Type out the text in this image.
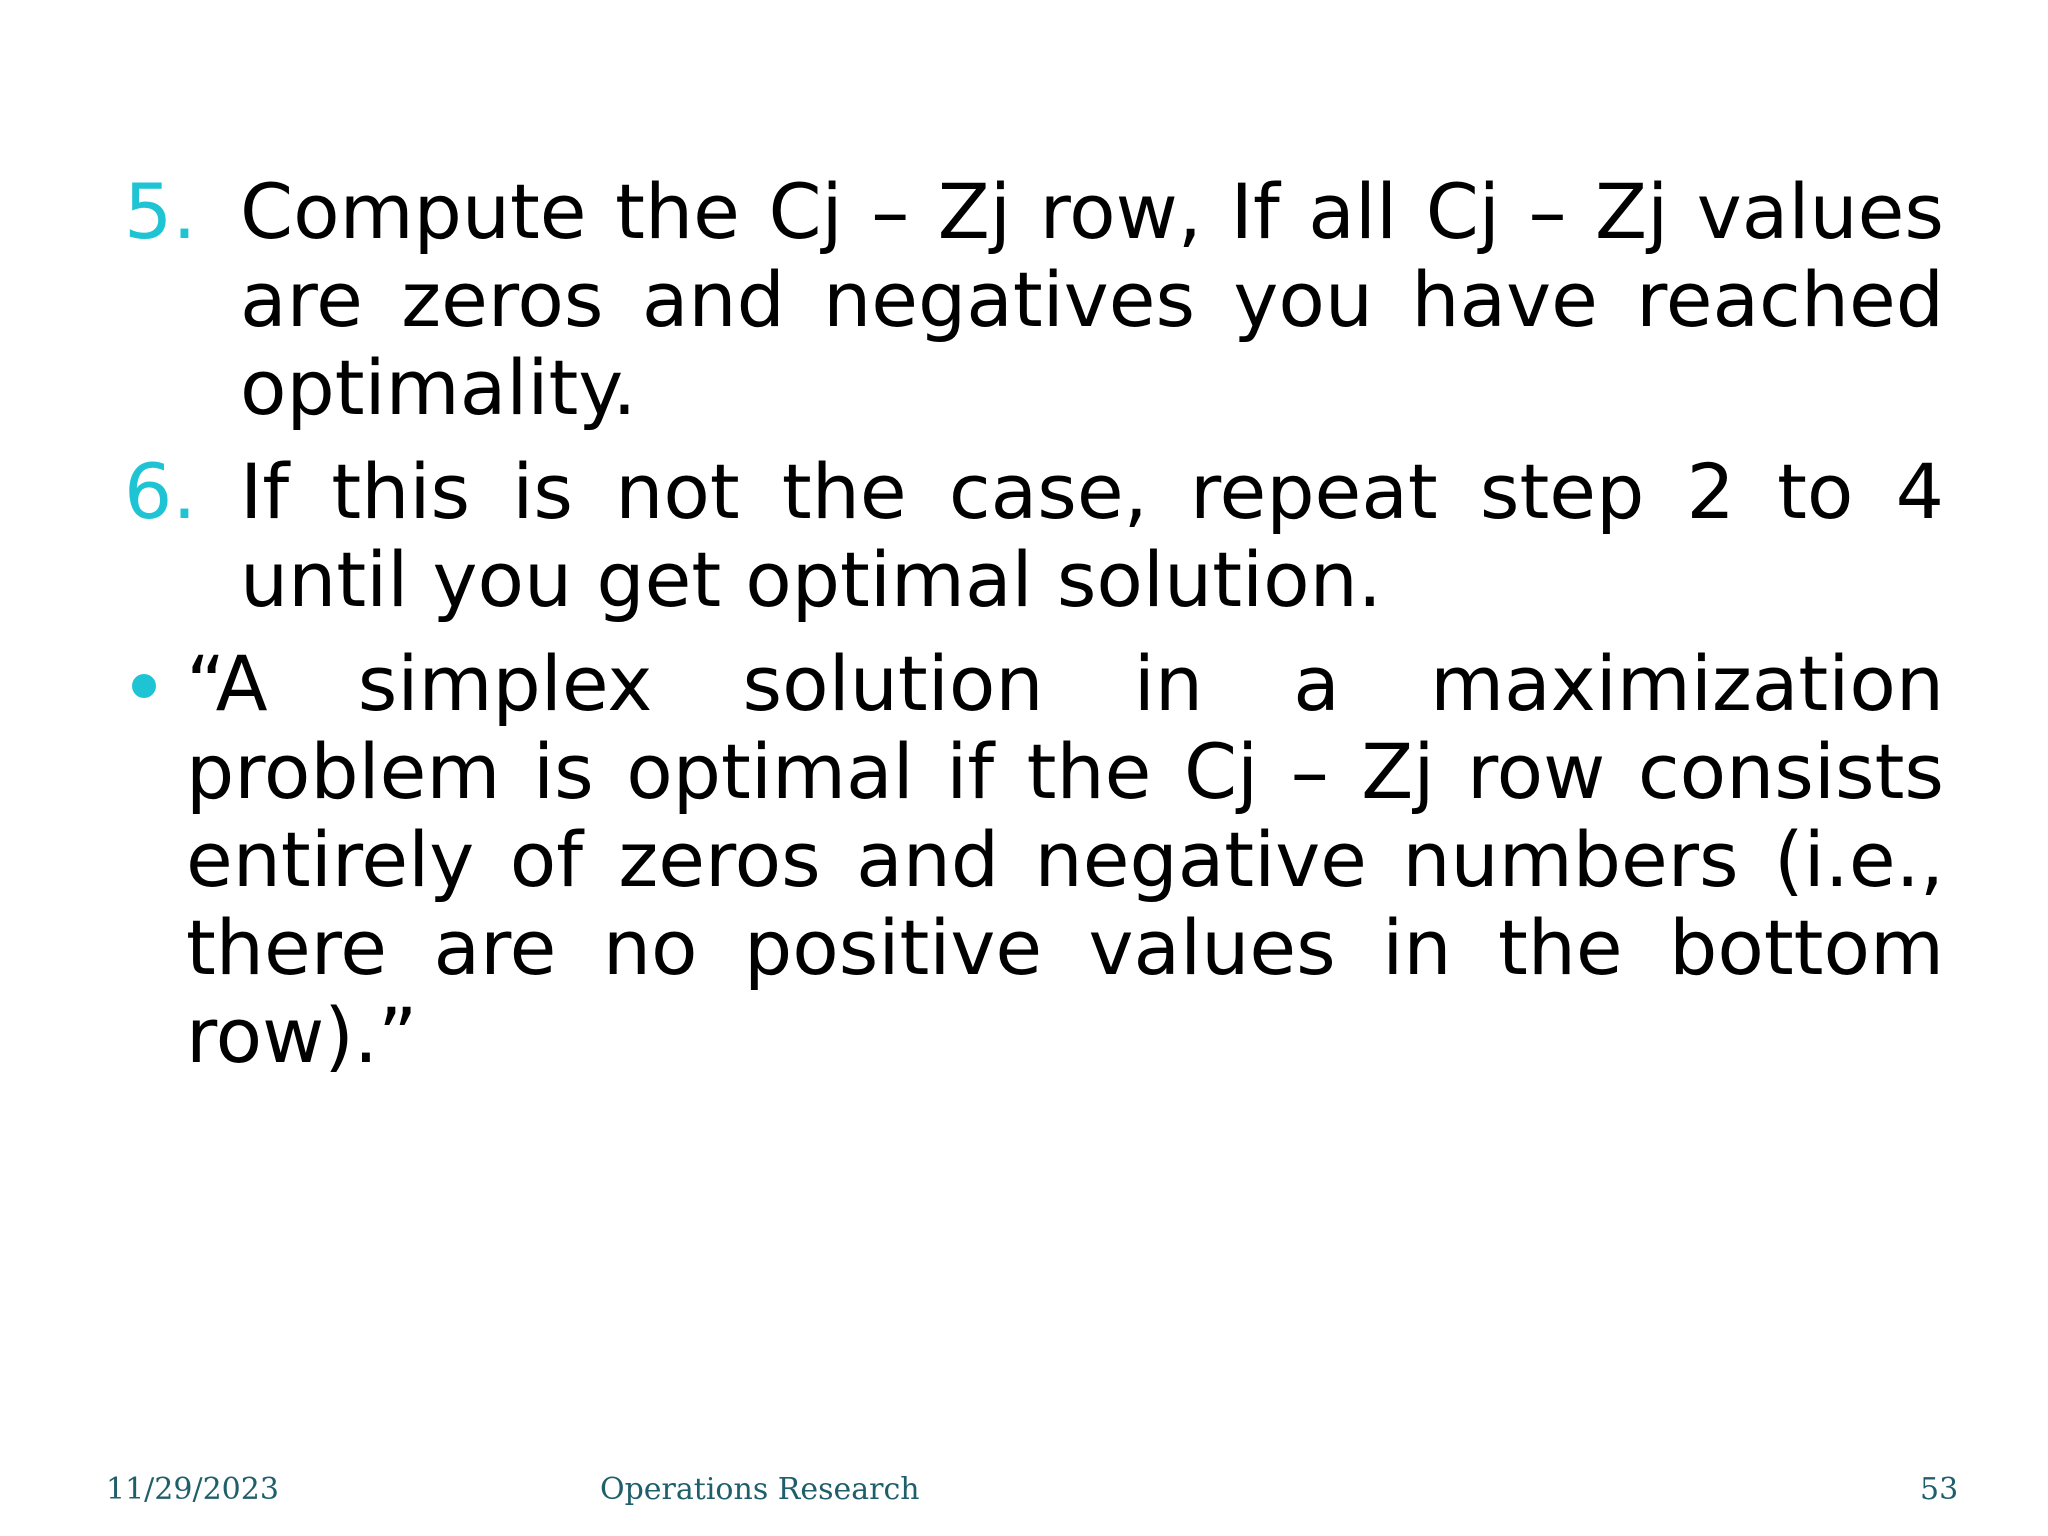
5. Compute the Cj – Zj row, If all Cj – Zj values are zeros and negatives you have reached optimality.
6. If this is not the case, repeat step 2 to 4 until you get optimal solution.
“A simplex solution in a maximization problem is optimal if the Cj – Zj row consists entirely of zeros and negative numbers (i.e., there are no positive values in the bottom row).”
11/29/2023	Operations Research	53
